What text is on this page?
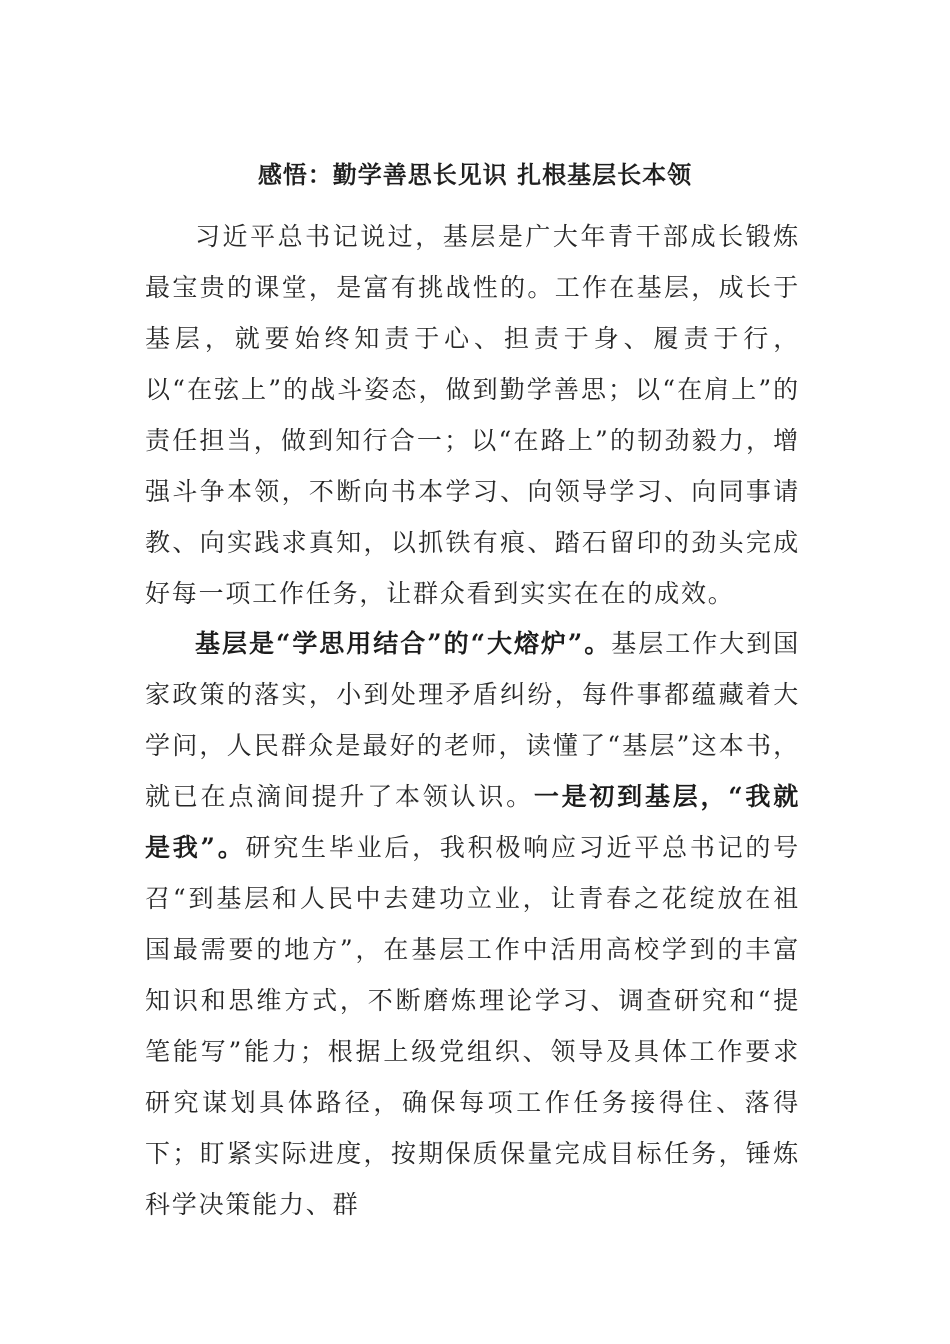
感悟：勤学善思长见识 扎根基层长本领

习近平总书记说过，基层是广大年青干部成长锻炼最宝贵的课堂，是富有挑战性的。工作在基层，成长于基层，就要始终知责于心、担责于身、履责于行，以“在弦上”的战斗姿态，做到勤学善思；以“在肩上”的责任担当，做到知行合一；以“在路上”的韧劲毅力，增强斗争本领，不断向书本学习、向领导学习、向同事请教、向实践求真知，以抓铁有痕、踏石留印的劲头完成好每一项工作任务，让群众看到实实在在的成效。

基层是“学思用结合”的“大熔炉”。基层工作大到国家政策的落实，小到处理矛盾纠纷，每件事都蕴藏着大学问，人民群众是最好的老师，读懂了“基层”这本书，就已在点滴间提升了本领认识。一是初到基层，“我就是我”。研究生毕业后，我积极响应习近平总书记的号召“到基层和人民中去建功立业，让青春之花绽放在祖国最需要的地方”，在基层工作中活用高校学到的丰富知识和思维方式，不断磨炼理论学习、调查研究和“提笔能写”能力；根据上级党组织、领导及具体工作要求研究谋划具体路径，确保每项工作任务接得住、落得下；盯紧实际进度，按期保质保量完成目标任务，锤炼科学决策能力、群
